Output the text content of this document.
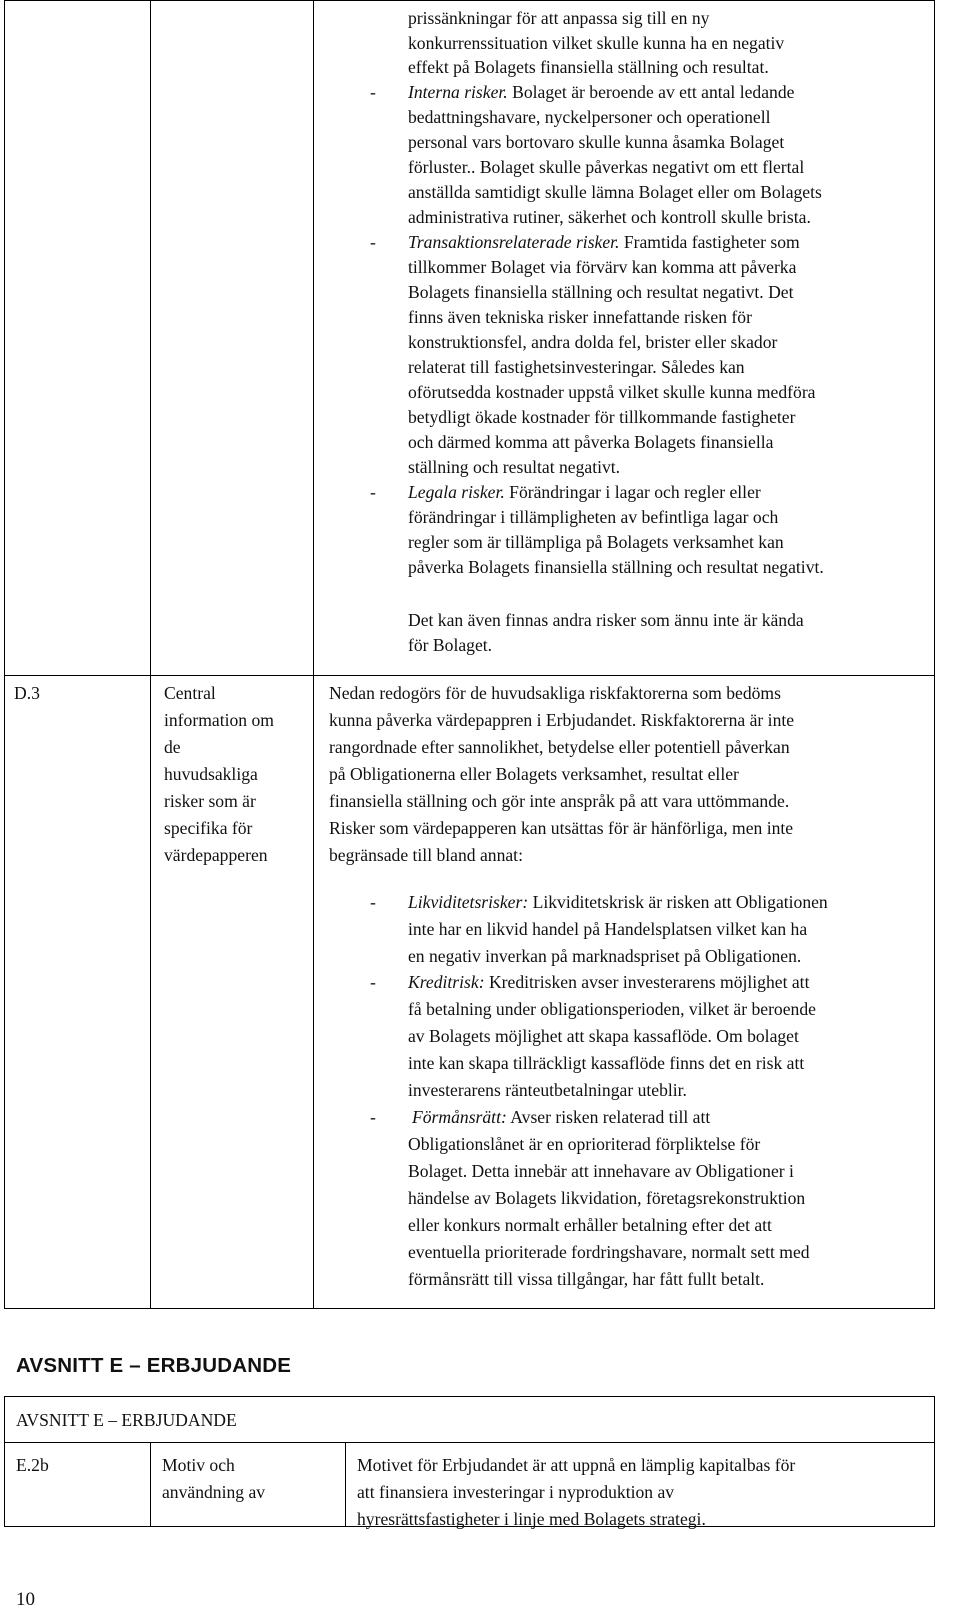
prissänkningar för att anpassa sig till en ny
konkurrenssituation vilket skulle kunna ha en negativ
effekt på Bolagets finansiella ställning och resultat.
- Interna risker. Bolaget är beroende av ett antal ledande
bedattningshavare, nyckelpersoner och operationell
personal vars bortovaro skulle kunna åsamka Bolaget
förluster.. Bolaget skulle påverkas negativt om ett flertal
anställda samtidigt skulle lämna Bolaget eller om Bolagets
administrativa rutiner, säkerhet och kontroll skulle brista.
- Transaktionsrelaterade risker. Framtida fastigheter som
tillkommer Bolaget via förvärv kan komma att påverka
Bolagets finansiella ställning och resultat negativt. Det
finns även tekniska risker innefattande risken för
konstruktionsfel, andra dolda fel, brister eller skador
relaterat till fastighetsinvesteringar. Således kan
oförutsedda kostnader uppstå vilket skulle kunna medföra
betydligt ökade kostnader för tillkommande fastigheter
och därmed komma att påverka Bolagets finansiella
ställning och resultat negativt.
- Legala risker. Förändringar i lagar och regler eller
förändringar i tillämpligheten av befintliga lagar och
regler som är tillämpliga på Bolagets verksamhet kan
påverka Bolagets finansiella ställning och resultat negativt.
Det kan även finnas andra risker som ännu inte är kända
för Bolaget.
D.3	Central
information om
de
huvudsakliga
risker som är
specifika för
värdepapperen
Nedan redogörs för de huvudsakliga riskfaktorerna som bedöms
kunna påverka värdepappren i Erbjudandet. Riskfaktorerna är inte
rangordnade efter sannolikhet, betydelse eller potentiell påverkan
på Obligationerna eller Bolagets verksamhet, resultat eller
finansiella ställning och gör inte anspråk på att vara uttömmande.
Risker som värdepapperen kan utsättas för är hänförliga, men inte
begränsade till bland annat:
- Likviditetsrisker: Likviditetskrisk är risken att Obligationen
inte har en likvid handel på Handelsplatsen vilket kan ha
en negativ inverkan på marknadspriset på Obligationen.
- Kreditrisk: Kreditrisken avser investerarens möjlighet att
få betalning under obligationsperioden, vilket är beroende
av Bolagets möjlighet att skapa kassaflöde. Om bolaget
inte kan skapa tillräckligt kassaflöde finns det en risk att
investerarens ränteutbetalningar uteblir.
- Förmånsrätt: Avser risken relaterad till att
Obligationslånet är en oprioriterad förpliktelse för
Bolaget. Detta innebär att innehavare av Obligationer i
händelse av Bolagets likvidation, företagsrekonstruktion
eller konkurs normalt erhåller betalning efter det att
eventuella prioriterade fordringshavare, normalt sett med
förmånsrätt till vissa tillgångar, har fått fullt betalt.
AVSNITT E – ERBJUDANDE
AVSNITT E – ERBJUDANDE
E.2b	Motiv och
användning av
Motivet för Erbjudandet är att uppnå en lämplig kapitalbas för
att finansiera investeringar i nyproduktion av
hyresrättsfastigheter i linje med Bolagets strategi.
10
